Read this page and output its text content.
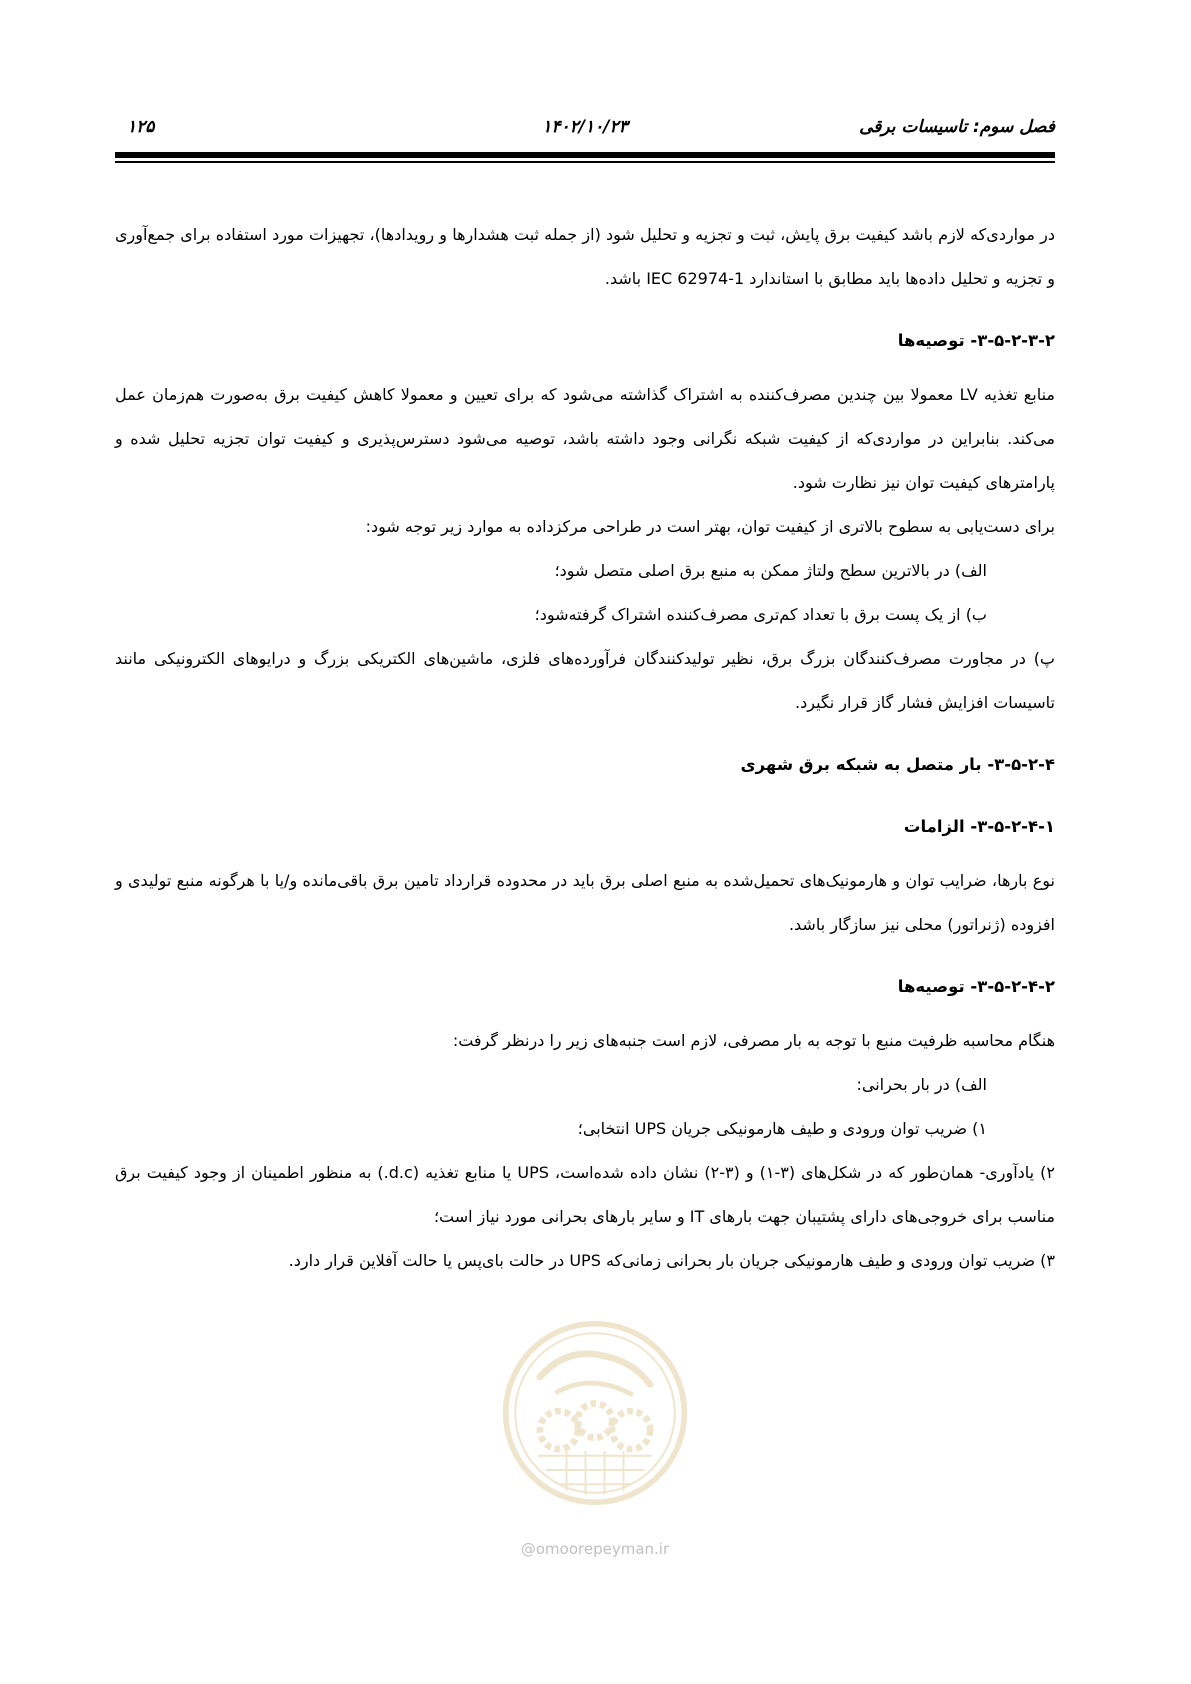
فصل سوم: تاسیسات برقی
۱۴۰۲/۱۰/۲۳
۱۲۵

در مواردی‌که لازم باشد کیفیت برق پایش، ثبت و تجزیه و تحلیل شود (از جمله ثبت هشدارها و رویدادها)، تجهیزات مورد استفاده برای جمع‌آوری و تجزیه و تحلیل داده‌ها باید مطابق با استاندارد IEC 62974-1 باشد.

۳-۵-۲-۳-۲- توصیه‌ها

منابع تغذیه LV معمولا بین چندین مصرف‌کننده به اشتراک گذاشته می‌شود که برای تعیین و معمولا کاهش کیفیت برق به‌صورت هم‌زمان عمل می‌کند. بنابراین در مواردی‌که از کیفیت شبکه نگرانی وجود داشته باشد، توصیه می‌شود دسترس‌پذیری و کیفیت توان تجزیه تحلیل شده و پارامترهای کیفیت توان نیز نظارت شود.

برای دست‌یابی به سطوح بالاتری از کیفیت توان، بهتر است در طراحی مرکزداده به موارد زیر توجه شود:

الف) در بالاترین سطح ولتاژ ممکن به منبع برق اصلی متصل شود؛

ب) از یک پست برق با تعداد کم‌تری مصرف‌کننده اشتراک گرفته‌شود؛

پ) در مجاورت مصرف‌کنندگان بزرگ برق، نظیر تولیدکنندگان فرآورده‌های فلزی، ماشین‌های الکتریکی بزرگ و درایوهای الکترونیکی مانند تاسیسات افزایش فشار گاز قرار نگیرد.

۳-۵-۲-۴- بار متصل به شبکه برق شهری
۳-۵-۲-۴-۱- الزامات

نوع بارها، ضرایب توان و هارمونیک‌های تحمیل‌شده به منبع اصلی برق باید در محدوده قرارداد تامین برق باقی‌مانده و/یا با هرگونه منبع تولیدی و افزوده (ژنراتور) محلی نیز سازگار باشد.

۳-۵-۲-۴-۲- توصیه‌ها

هنگام محاسبه ظرفیت منبع با توجه به بار مصرفی، لازم است جنبه‌های زیر را درنظر گرفت:

الف) در بار بحرانی:

۱) ضریب توان ورودی و طیف هارمونیکی جریان UPS انتخابی؛

۲) یادآوری- همان‌طور که در شکل‌های (۳-۱) و (۳-۲) نشان داده شده‌است، UPS یا منابع تغذیه (d.c.) به منظور اطمینان از وجود کیفیت برق مناسب برای خروجی‌های دارای پشتیبان جهت بارهای IT و سایر بارهای بحرانی مورد نیاز است؛

۳) ضریب توان ورودی و طیف هارمونیکی جریان بار بحرانی زمانی‌که UPS در حالت بای‌پس یا حالت آفلاین قرار دارد.

@omoorepeyman.ir
